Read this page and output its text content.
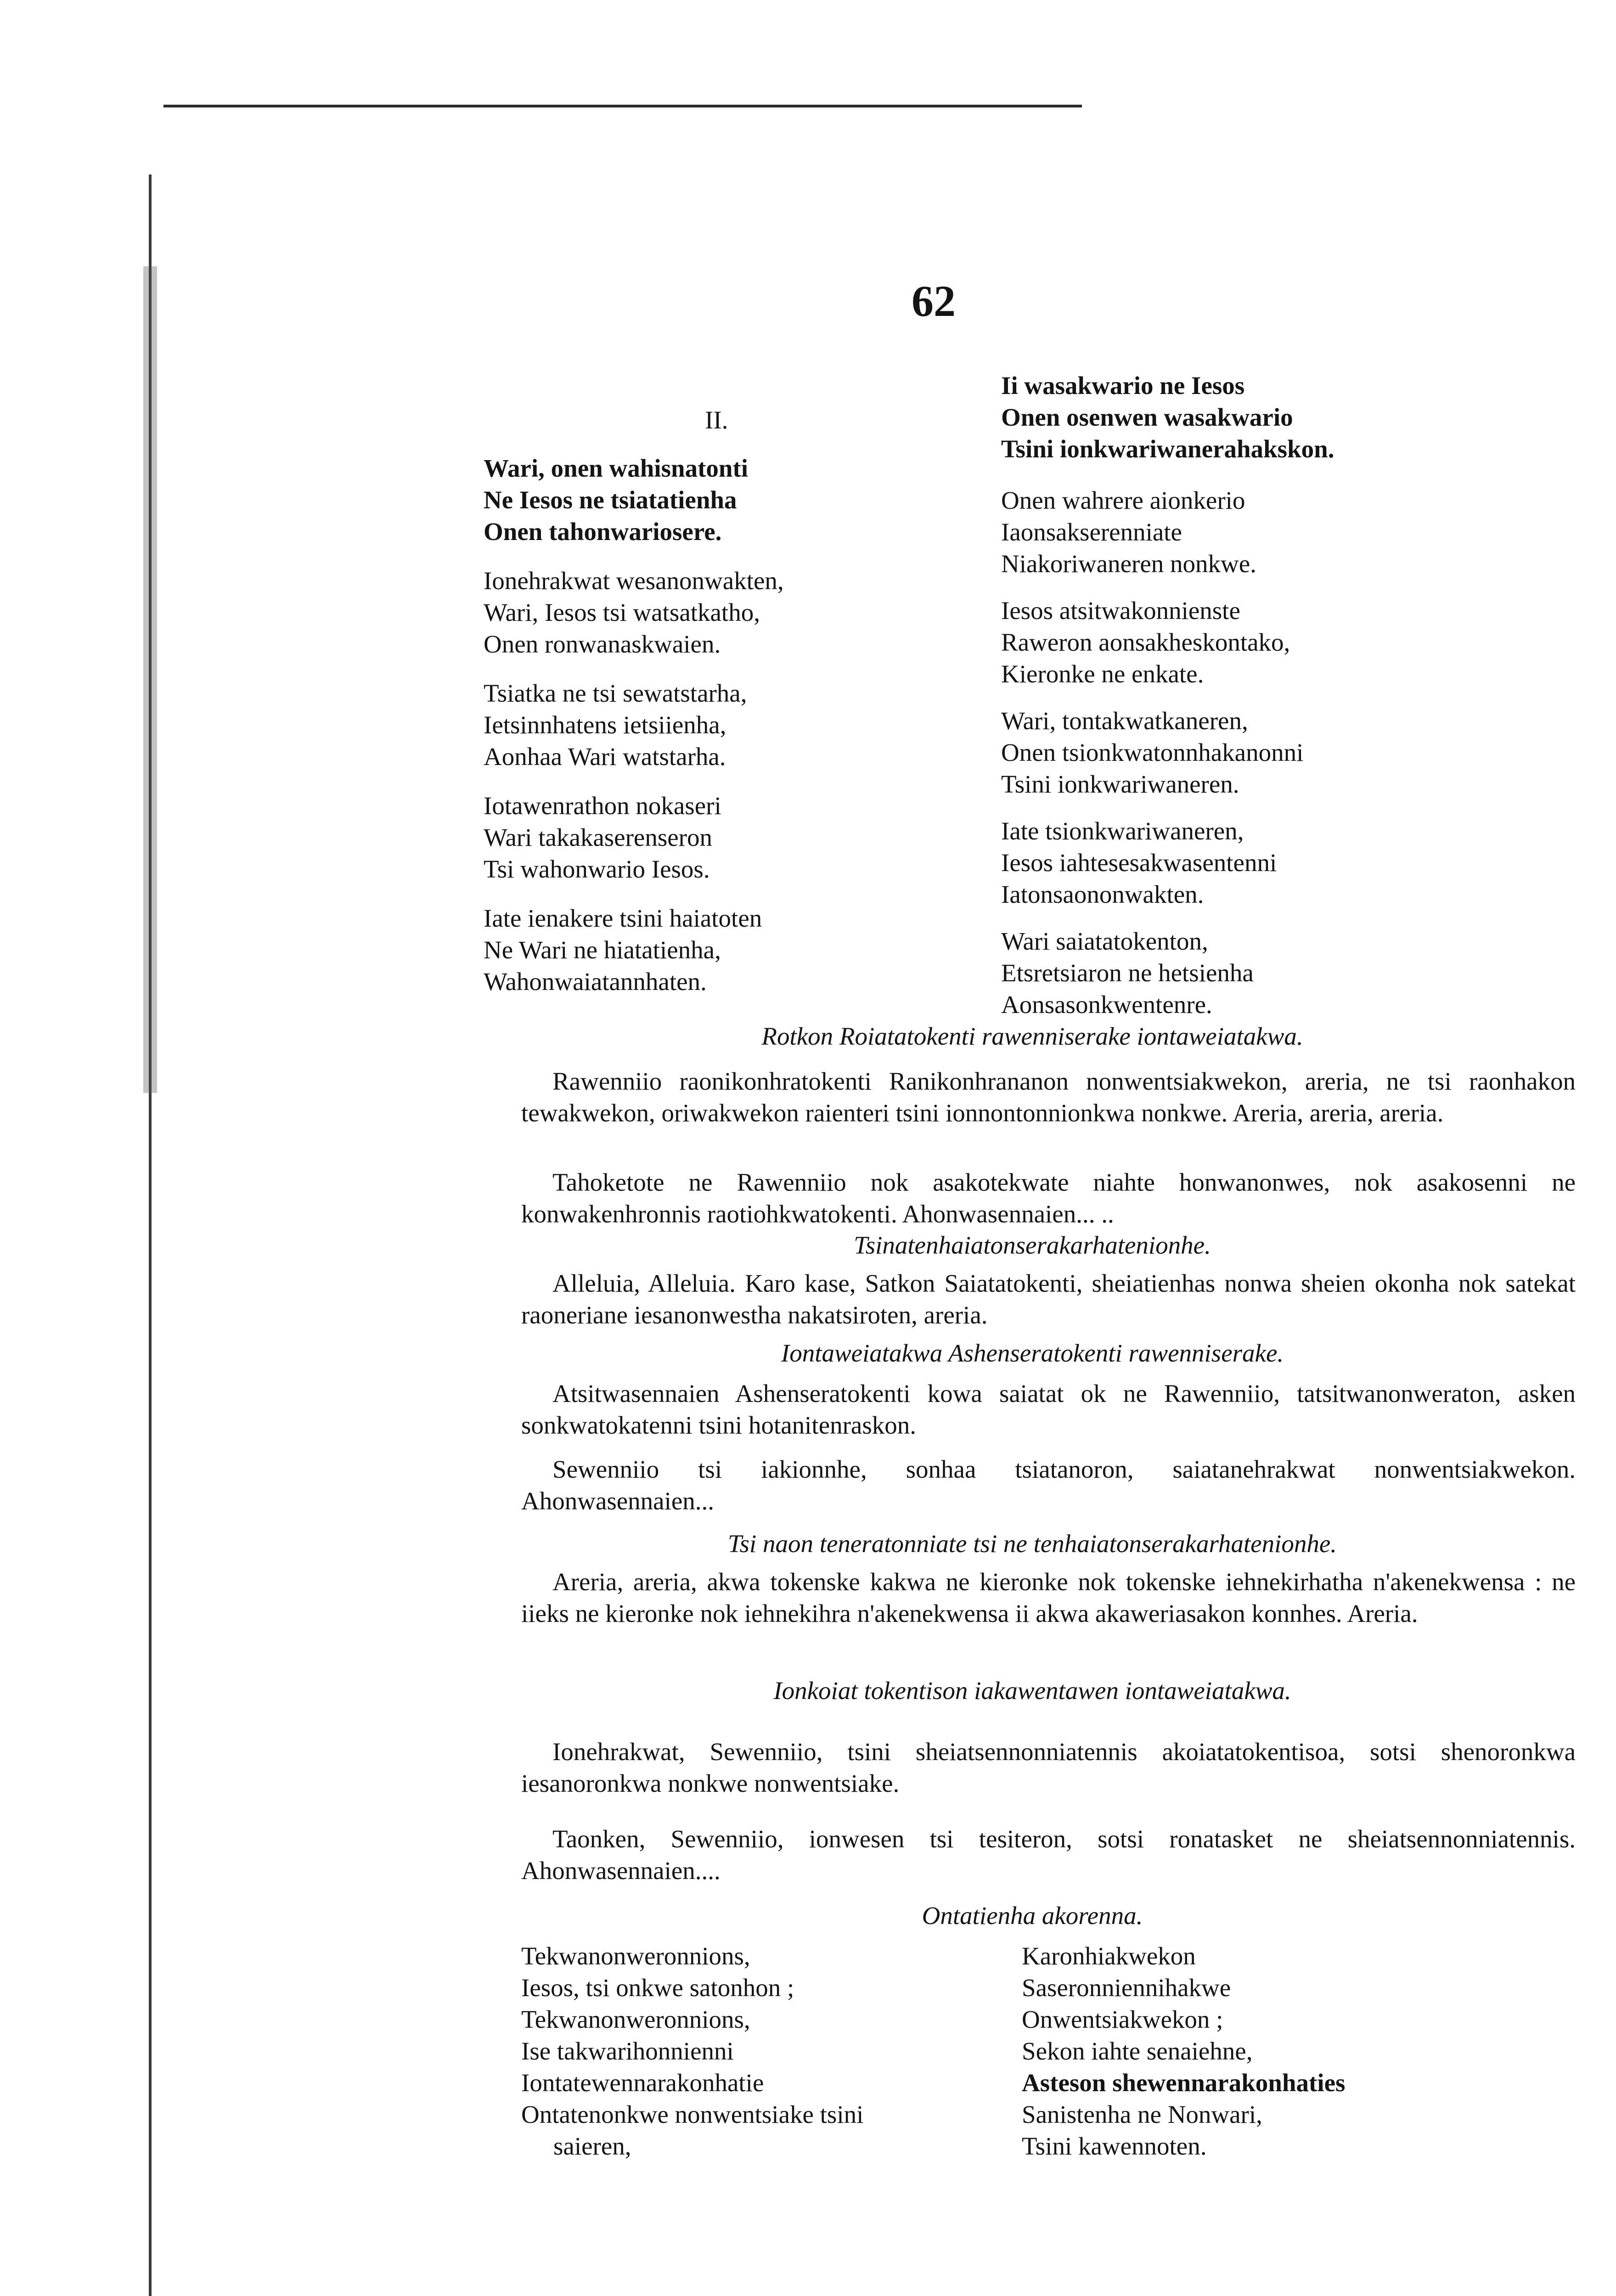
62
II.
Wari, onen wahisnatonti
Ne Iesos ne tsiatatienha
Onen tahonwariosere.
Ionehrakwat wesanonwakten,
Wari, Iesos tsi watsatkatho,
Onen ronwanaskwaien.
Tsiatka ne tsi sewatstarha,
Ietsinnhatens ietsiienha,
Aonhaa Wari watstarha.
Iotawenrathon nokaseri
Wari takakaserenseron
Tsi wahonwario Iesos.
Iate ienakere tsini haiatoten
Ne Wari ne hiatatienha,
Wahonwaiatannhaten.
Ii wasakwario ne Iesos
Onen osenwen wasakwario
Tsini ionkwariwanerahakskon.
Onen wahrere aionkerio
Iaonsakserenniate
Niakoriwaneren nonkwe.
Iesos atsitwakonnienste
Raweron aonsakheskontako,
Kieronke ne enkate.
Wari, tontakwatkaneren,
Onen tsionkwatonnhakanonni
Tsini ionkwariwaneren.
Iate tsionkwariwaneren,
Iesos iahtesesakwasentenni
Iatonsaononwakten.
Wari saiatatokenton,
Etsretsiaron ne hetsienha
Aonsasonkwentenre.
Rotkon Roiatatokenti rawenniserake iontaweiatakwa.
Rawenniio raonikonhratokenti Ranikonhrananon nonwentsiakwekon, areria, ne tsi raonhakon tewakwekon, oriwakwekon raienteri tsini ionnontonnionkwa nonkwe. Areria, areria, areria.
Tahoketote ne Rawenniio nok asakotekwate niahte honwanonwes, nok asakosenni ne konwakenhronnis raotiohkwatokenti. Ahonwasennaien... ..
Tsinatenhaiatonserakarhatenionhe.
Alleluia, Alleluia. Karo kase, Satkon Saiatatokenti, sheiatienhas nonwa sheien okonha nok satekat raoneriane iesanonwestha nakatsiroten, areria.
Iontaweiatakwa Ashenseratokenti rawenniserake.
Atsitwasennaien Ashenseratokenti kowa saiatat ok ne Rawenniio, tatsitwanonweraton, asken sonkwatokatenni tsini hotanitenraskon.
Sewenniio tsi iakionnhe, sonhaa tsiatanoron, saiatanehrakwat nonwentsiakwekon. Ahonwasennaien...
Tsi naon teneratonniate tsi ne tenhaiatonserakarhatenionhe.
Areria, areria, akwa tokenske kakwa ne kieronke nok tokenske iehnekirhatha n'akenekwensa : ne iieks ne kieronke nok iehnekihra n'akenekwensa ii akwa akaweriasakon konnhes. Areria.
Ionkoiat tokentison iakawentawen iontaweiatakwa.
Ionehrakwat, Sewenniio, tsini sheiatsennonniatennis akoiatatokentisoa, sotsi shenoronkwa iesanoronkwa nonkwe nonwentsiake.
Taonken, Sewenniio, ionwesen tsi tesiteron, sotsi ronatasket ne sheiatsennonniatennis. Ahonwasennaien....
Ontatienha akorenna.
Tekwanonweronnions,
Iesos, tsi onkwe satonhon ;
Tekwanonweronnions,
Ise takwarihonnienni
Iontatewennarakonhatie
Ontatenonkwe nonwentsiake tsini
saieren,
Karonhiakwekon
Saseronniennihakwe
Onwentsiakwekon ;
Sekon iahte senaiehne,
Asteson shewennarakonhaties
Sanistenha ne Nonwari,
Tsini kawennoten.
